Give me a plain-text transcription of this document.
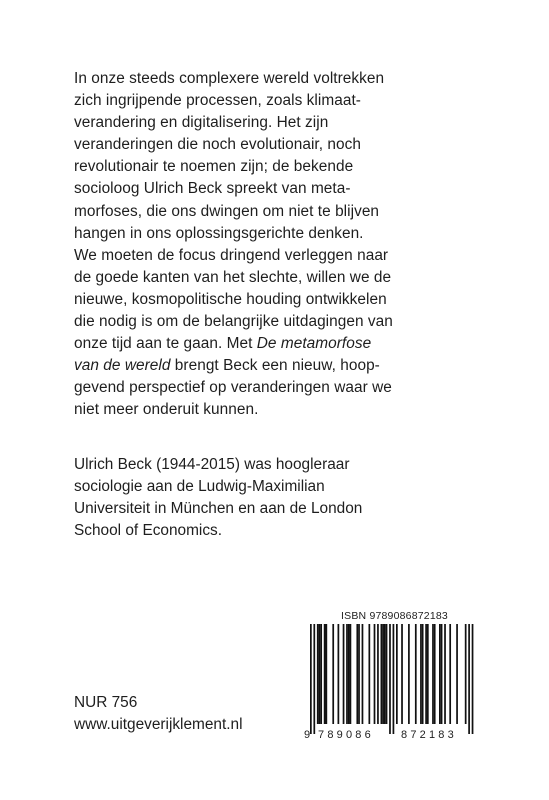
In onze steeds complexere wereld voltrekken
zich ingrijpende processen, zoals klimaat-
verandering en digitalisering. Het zijn
veranderingen die noch evolutionair, noch
revolutionair te noemen zijn; de bekende
socioloog Ulrich Beck spreekt van meta-
morfoses, die ons dwingen om niet te blijven
hangen in ons oplossingsgerichte denken.
We moeten de focus dringend verleggen naar
de goede kanten van het slechte, willen we de
nieuwe, kosmopolitische houding ontwikkelen
die nodig is om de belangrijke uitdagingen van
onze tijd aan te gaan. Met De metamorfose
van de wereld brengt Beck een nieuw, hoop-
gevend perspectief op veranderingen waar we
niet meer onderuit kunnen.

Ulrich Beck (1944-2015) was hoogleraar
sociologie aan de Ludwig-Maximilian
Universiteit in München en aan de London
School of Economics.
NUR 756
www.uitgeverijklement.nl
ISBN 9789086872183
9 789086 872183
